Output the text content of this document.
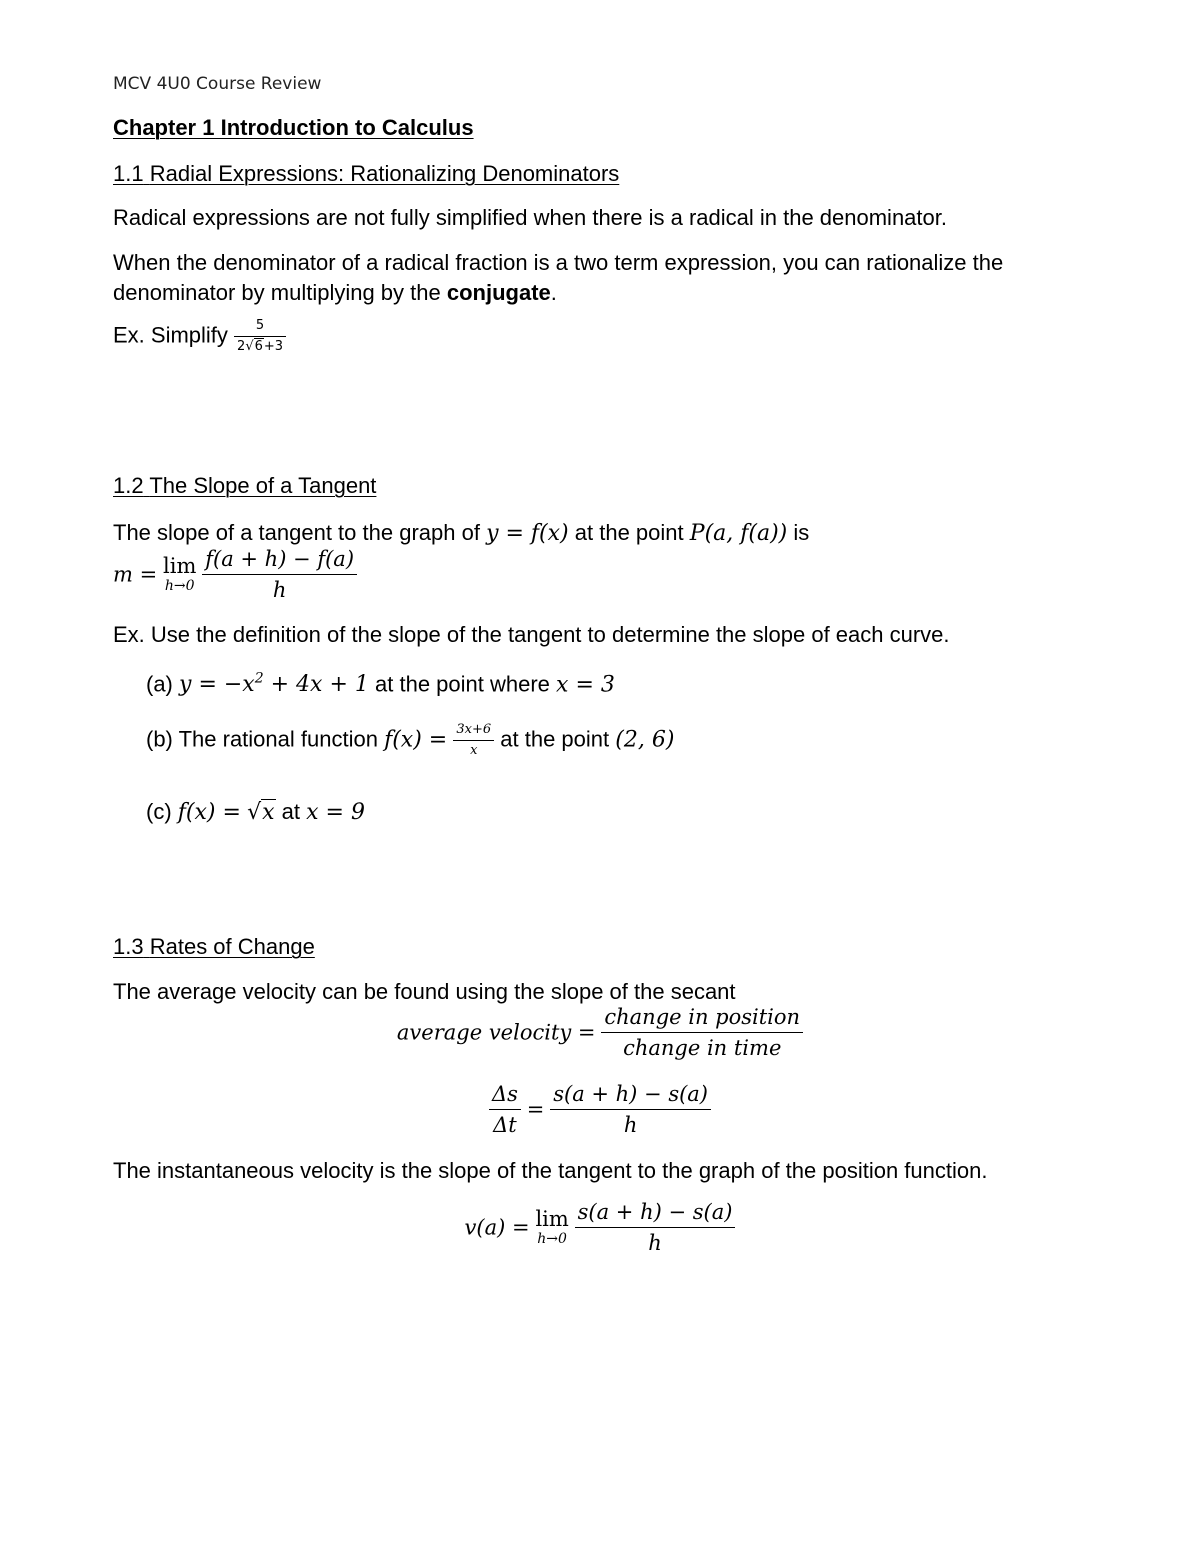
MCV 4U0 Course Review
Chapter 1 Introduction to Calculus
1.1 Radial Expressions: Rationalizing Denominators
Radical expressions are not fully simplified when there is a radical in the denominator.
When the denominator of a radical fraction is a two term expression, you can rationalize the
denominator by multiplying by the conjugate.
Ex. Simplify $\frac{5}{2√6+3}$
1.2 The Slope of a Tangent
The slope of a tangent to the graph of y = f(x) at the point P(a, f(a)) is
m = lim
h→0
$\frac{f(a + h) - f(a)}{h}$
Ex. Use the definition of the slope of the tangent to determine the slope of each curve.
(a) $y = -x^2 + 4x + 1$ at the point where x = 3
(b) The rational function $f(x) = \frac{3x+6}{x}$ at the point (2, 6)
(c) f(x) = √x at x = 9
1.3 Rates of Change
The average velocity can be found using the slope of the secant
average velocity = $\frac{\text{change in position}}{\text{change in time}}$
$\frac{\Delta s}{\Delta t} = \frac{s(a + h) - s(a)}{h}$
The instantaneous velocity is the slope of the tangent to the graph of the position function.
v(a) = lim
h→0
$\frac{s(a + h) - s(a)}{h}$
